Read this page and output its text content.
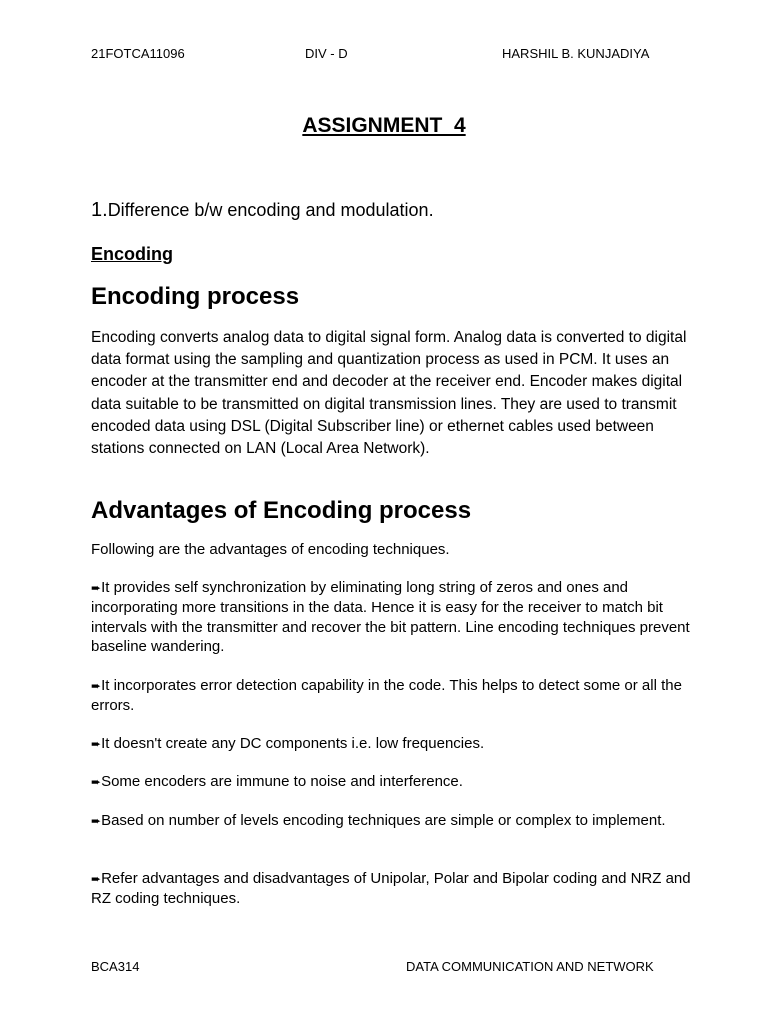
21FOTCA11096	DIV - D	HARSHIL B. KUNJADIYA
ASSIGNMENT  4
1.Difference b/w encoding and modulation.
Encoding
Encoding process
Encoding converts analog data to digital signal form. Analog data is converted to digital data format using the sampling and quantization process as used in PCM. It uses an encoder at the transmitter end and decoder at the receiver end. Encoder makes digital data suitable to be transmitted on digital transmission lines. They are used to transmit encoded data using DSL (Digital Subscriber line) or ethernet cables used between stations connected on LAN (Local Area Network).
Advantages of Encoding process
Following are the advantages of encoding techniques.
➨It provides self synchronization by eliminating long string of zeros and ones and incorporating more transitions in the data. Hence it is easy for the receiver to match bit intervals with the transmitter and recover the bit pattern. Line encoding techniques prevent baseline wandering.
➨It incorporates error detection capability in the code. This helps to detect some or all the errors.
➨It doesn't create any DC components i.e. low frequencies.
➨Some encoders are immune to noise and interference.
➨Based on number of levels encoding techniques are simple or complex to implement.
➨Refer advantages and disadvantages of Unipolar, Polar and Bipolar coding and NRZ and RZ coding techniques.
BCA314	DATA COMMUNICATION AND NETWORK
